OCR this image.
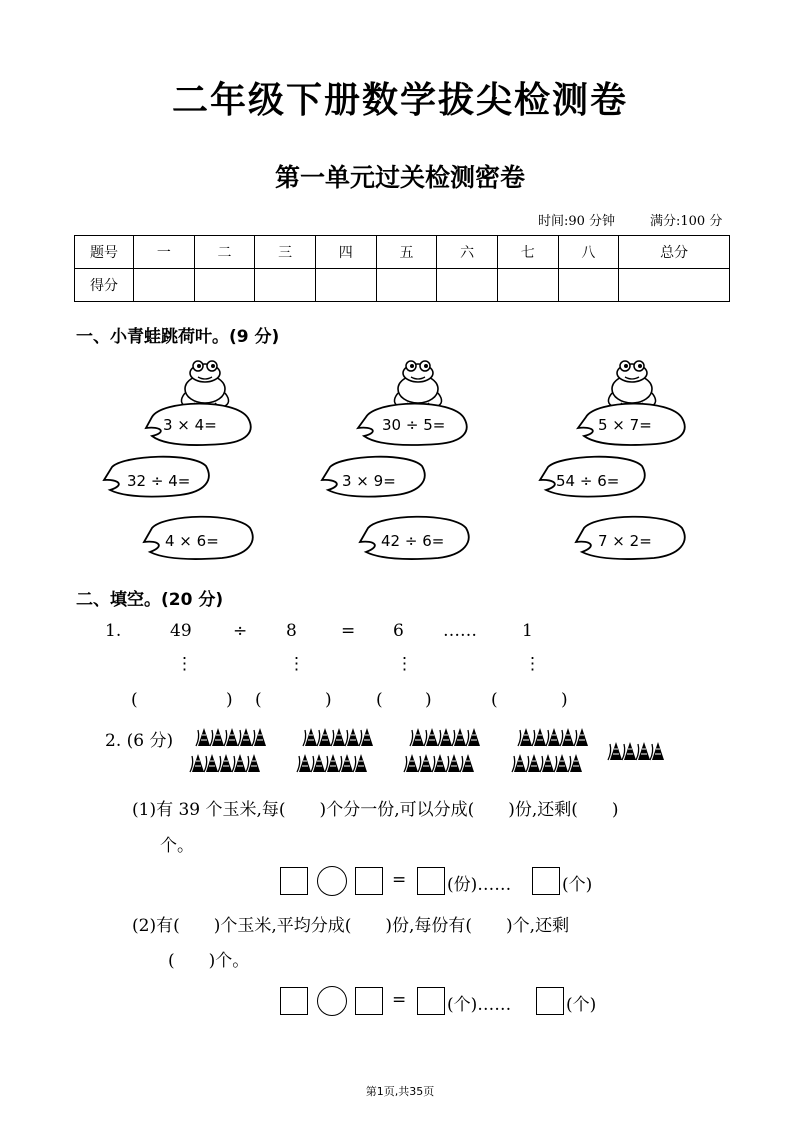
二年级下册数学拔尖检测卷
第一单元过关检测密卷
时间:90 分钟	满分:100 分
题号	一	二	三	四	五	六	七	八	总分
得分									
一、小青蛙跳荷叶。(9 分)
3 × 4=
32 ÷ 4=
4 × 6=
30 ÷ 5=
3 × 9=
42 ÷ 6=
5 × 7=
54 ÷ 6=
7 × 2=
二、填空。(20 分)
1.	49 ÷ 8	= 6 ……	1
⋮	⋮	⋮	⋮
(	) (	)	( )	(	)
2. (6 分)
(1)有 39 个玉米,每(　　)个分一份,可以分成(　　)份,还剩(　　)
个。
= (份)……	(个)
(2)有(　　)个玉米,平均分成(　　)份,每份有(　　)个,还剩
(　　)个。
= (个)……	(个)
第1页,共35页
